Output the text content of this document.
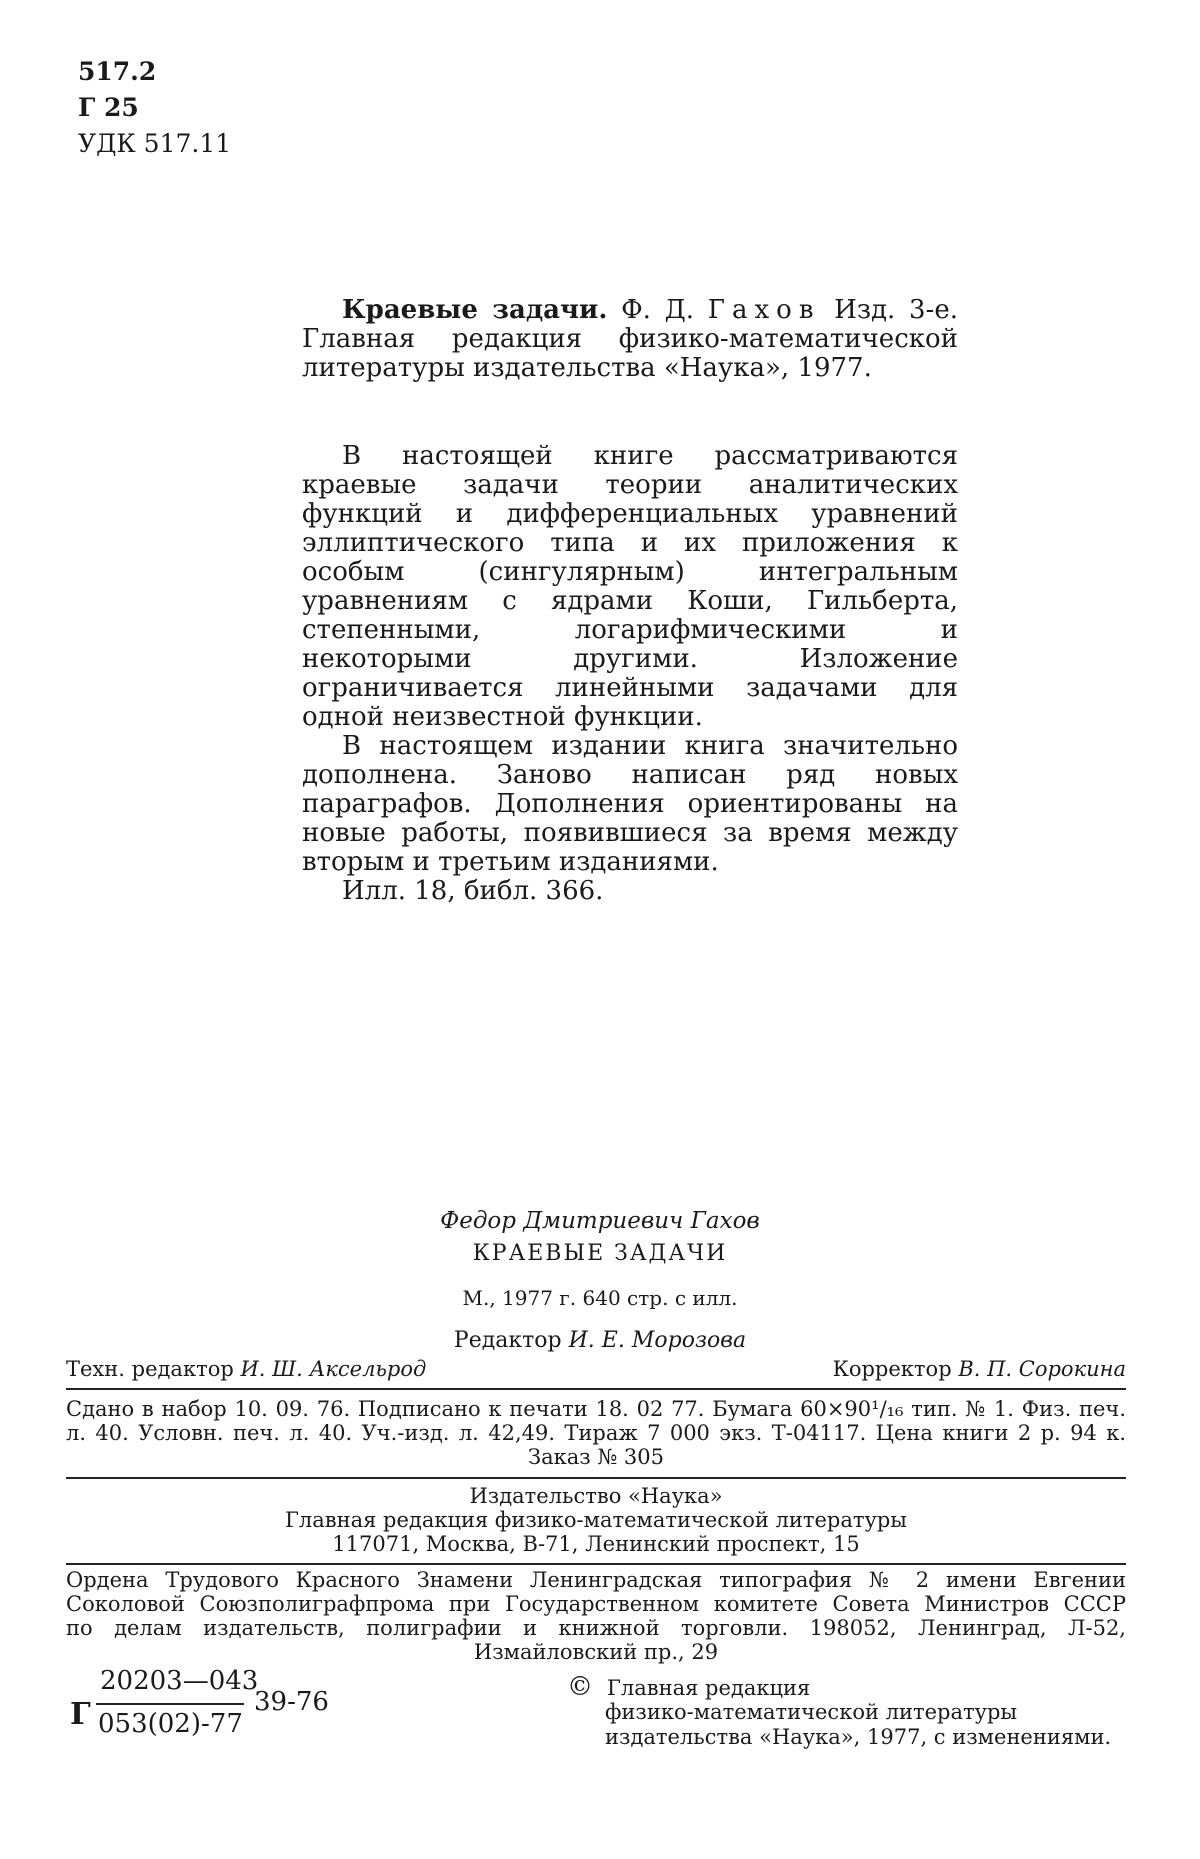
517.2
Г 25
УДК 517.11

Краевые задачи. Ф. Д. Гахов Изд. 3-е. Главная редакция физико-математической литературы издательства «Наука», 1977.

В настоящей книге рассматриваются краевые задачи теории аналитических функций и дифференциальных уравнений эллиптического типа и их приложения к особым (сингулярным) интегральным уравнениям с ядрами Коши, Гильберта, степенными, логарифмическими и некоторыми другими. Изложение ограничивается линейными задачами для одной неизвестной функции.

В настоящем издании книга значительно дополнена. Заново написан ряд новых параграфов. Дополнения ориентированы на новые работы, появившиеся за время между вторым и третьим изданиями.

Илл. 18, библ. 366.

Федор Дмитриевич Гахов
КРАЕВЫЕ ЗАДАЧИ
М., 1977 г. 640 стр. с илл.
Редактор И. Е. Морозова
Техн. редактор И. Ш. Аксельрод	Корректор В. П. Сорокина
Сдано в набор 10. 09. 76. Подписано к печати 18. 02 77. Бумага 60×90¹/₁₆ тип. № 1. Физ. печ.
л. 40. Условн. печ. л. 40. Уч.-изд. л. 42,49. Тираж 7 000 экз. Т-04117. Цена книги 2 р. 94 к.
Заказ № 305
Издательство «Наука»
Главная редакция физико-математической литературы
117071, Москва, В-71, Ленинский проспект, 15
Ордена Трудового Красного Знамени Ленинградская типография № 2 имени Евгении
Соколовой Союзполиграфпрома при Государственном комитете Совета Министров СССР
по делам издательств, полиграфии и книжной торговли. 198052, Ленинград, Л-52,
Измайловский пр., 29
Г
20203—043
053(02)-77
39-76	© Главная редакция
физико-математической литературы
издательства «Наука», 1977, с изменениями.
